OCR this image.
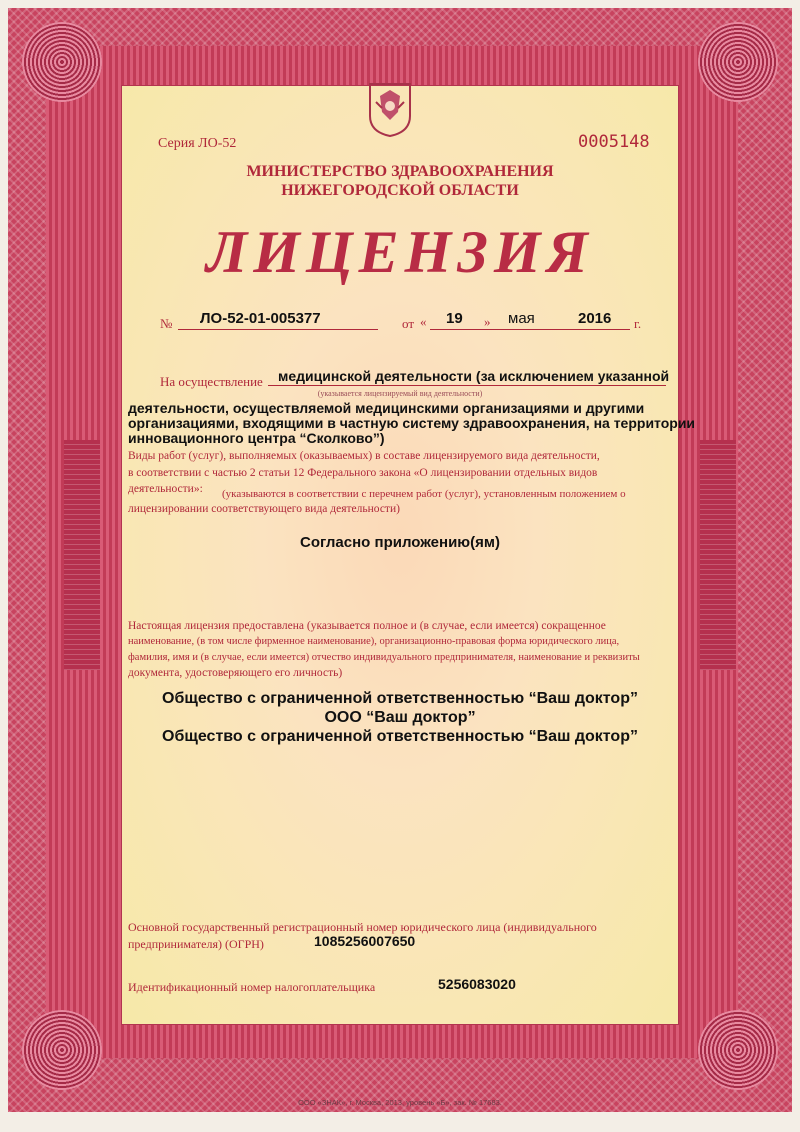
Серия ЛО-52	0005148
МИНИСТЕРСТВО ЗДРАВООХРАНЕНИЯ
НИЖЕГОРОДСКОЙ ОБЛАСТИ
ЛИЦЕНЗИЯ
№ ЛО-52-01-005377	от « 19 » мая	2016 г.
На осуществление медицинской деятельности (за исключением указанной
(указывается лицензируемый вид деятельности)
деятельности, осуществляемой медицинскими организациями и другими
организациями, входящими в частную систему здравоохранения, на территории
инновационного центра “Сколково”)
Виды работ (услуг), выполняемых (оказываемых) в составе лицензируемого вида деятельности,
в соответствии с частью 2 статьи 12 Федерального закона «О лицензировании отдельных видов
деятельности»: (указываются в соответствии с перечнем работ (услуг), установленным положением о
лицензировании соответствующего вида деятельности)
Согласно приложению(ям)
Настоящая лицензия предоставлена (указывается полное и (в случае, если имеется) сокращенное
наименование, (в том числе фирменное наименование), организационно-правовая форма юридического лица,
фамилия, имя и (в случае, если имеется) отчество индивидуального предпринимателя, наименование и реквизиты
документа, удостоверяющего его личность)
Общество с ограниченной ответственностью “Ваш доктор”
ООО “Ваш доктор”
Общество с ограниченной ответственностью “Ваш доктор”
Основной государственный регистрационный номер юридического лица (индивидуального
предпринимателя) (ОГРН)	1085256007650
Идентификационный номер налогоплательщика	5256083020
ООО «ЗНАК», г. Москва, 2013, уровень «Б», зак. № 17683.
